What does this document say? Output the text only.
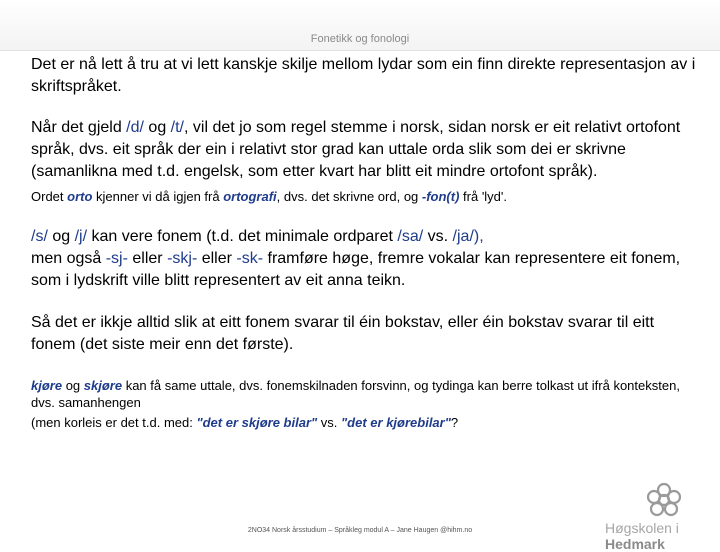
Fonetikk og fonologi

Det er nå lett å tru at vi lett kanskje skilje mellom lydar som ein finn direkte representasjon av i skriftspråket.

Når det gjeld /d/ og /t/, vil det jo som regel stemme i norsk, sidan norsk er eit relativt ortofont språk, dvs. eit språk der ein i relativt stor grad kan uttale orda slik som dei er skrivne (samanlikna med t.d. engelsk, som etter kvart har blitt eit mindre ortofont språk).

Ordet orto kjenner vi då igjen frå ortografi, dvs. det skrivne ord, og -fon(t) frå 'lyd'.

/s/ og /j/ kan vere fonem (t.d. det minimale ordparet /sa/ vs. /ja/),
men også -sj- eller -skj- eller -sk- framføre høge, fremre vokalar kan representere eit fonem, som i lydskrift ville blitt representert av eit anna teikn.

Så det er ikkje alltid slik at eitt fonem svarar til éin bokstav, eller éin bokstav svarar til eitt fonem (det siste meir enn det første).

kjøre og skjøre kan få same uttale, dvs. fonemskilnaden forsvinn, og tydinga kan berre tolkast ut ifrå konteksten, dvs. samanhengen

(men korleis er det t.d. med: "det er skjøre bilar" vs. "det er kjørebilar"?

2NO34 Norsk årsstudium – Språkleg modul A – Jane Haugen @hihm.no	Høgskolen i Hedmark
